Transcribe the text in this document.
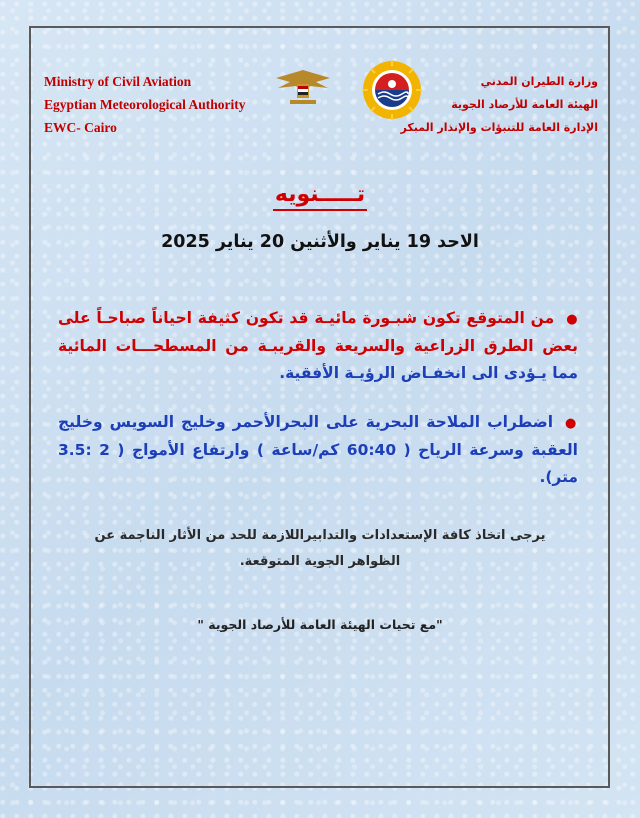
Ministry of Civil Aviation
Egyptian Meteorological Authority
EWC- Cairo
وزارة الطيران المدني
الهيئة العامة للأرصاد الجوية
الإدارة العامة للتنبؤات والإنذار المبكر
تـــــنويه
الاحد 19 يناير والأثنين 20 يناير 2025
●من المتوقع تكون شبـورة مائيـة قد تكون كثيفة احياناً صباحـاً على بعض الطرق الزراعية والسريعة والقريبـة من المسطحـــات المائية مما يـؤدى الى انخفـاض الرؤيـة الأفقية.
●اضطراب الملاحة البحرية على البحرالأحمر وخليج السويس وخليج العقبة وسرعة الرياح ( 60:40 كم/ساعة ) وارتفاع الأمواج ( 2 :3.5 متر).
يرجى اتخاذ كافة الإستعدادات والتدابيراللازمة للحد من الأثار الناجمة عن
الظواهر الجوية المتوقعة.
"مع تحيات الهيئة العامة للأرصاد الجوية "
